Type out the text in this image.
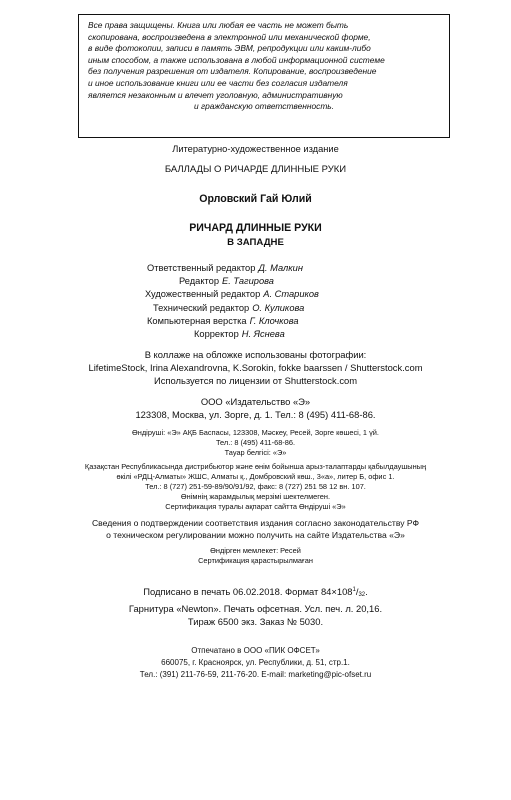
Все права защищены. Книга или любая ее часть не может быть
скопирована, воспроизведена в электронной или механической форме,
в виде фотокопии, записи в память ЭВМ, репродукции или каким-либо
иным способом, а также использована в любой информационной системе
без получения разрешения от издателя. Копирование, воспроизведение
и иное использование книги или ее части без согласия издателя
является незаконным и влечет уголовную, административную
и гражданскую ответственность.
Литературно-художественное издание
БАЛЛАДЫ О РИЧАРДЕ ДЛИННЫЕ РУКИ
Орловский Гай Юлий
РИЧАРД ДЛИННЫЕ РУКИ
В ЗАПАДНЕ
Ответственный редактор Д. Малкин
Редактор Е. Тагирова
Художественный редактор А. Стариков
Технический редактор О. Куликова
Компьютерная верстка Г. Клочкова
Корректор Н. Яснева
В коллаже на обложке использованы фотографии:
LifetimeStock, Irina Alexandrovna, K.Sorokin, fokke baarssen / Shutterstock.com
Используется по лицензии от Shutterstock.com
ООО «Издательство «Э»
123308, Москва, ул. Зорге, д. 1. Тел.: 8 (495) 411-68-86.
Өндіруші: «Э» АҚБ Баспасы, 123308, Мәскеу, Ресей, Зорге көшесі, 1 үй.
Тел.: 8 (495) 411-68-86.
Тауар белгісі: «Э»
Қазақстан Республикасында дистрибьютор және өнім бойынша арыз-талаптарды қабылдаушының
өкілі «РДЦ-Алматы» ЖШС, Алматы қ., Домбровский көш., 3«а», литер Б, офис 1.
Тел.: 8 (727) 251-59-89/90/91/92, факс: 8 (727) 251 58 12 вн. 107.
Өнімнің жарамдылық мерзімі шектелмеген.
Сертификация туралы ақпарат сайтта Өндіруші «Э»
Сведения о подтверждении соответствия издания согласно законодательству РФ
о техническом регулировании можно получить на сайте Издательства «Э»
Өндірген мемлекет: Ресей
Сертификация қарастырылмаған
Подписано в печать 06.02.2018. Формат $84\times 108^1/_{32}$.
Гарнитура «Newton». Печать офсетная. Усл. печ. л. 20,16.
Тираж 6500 экз. Заказ № 5030.
Отпечатано в ООО «ПИК ОФСЕТ»
660075, г. Красноярск, ул. Республики, д. 51, стр.1.
Тел.: (391) 211-76-59, 211-76-20. E-mail: marketing@pic-ofset.ru
